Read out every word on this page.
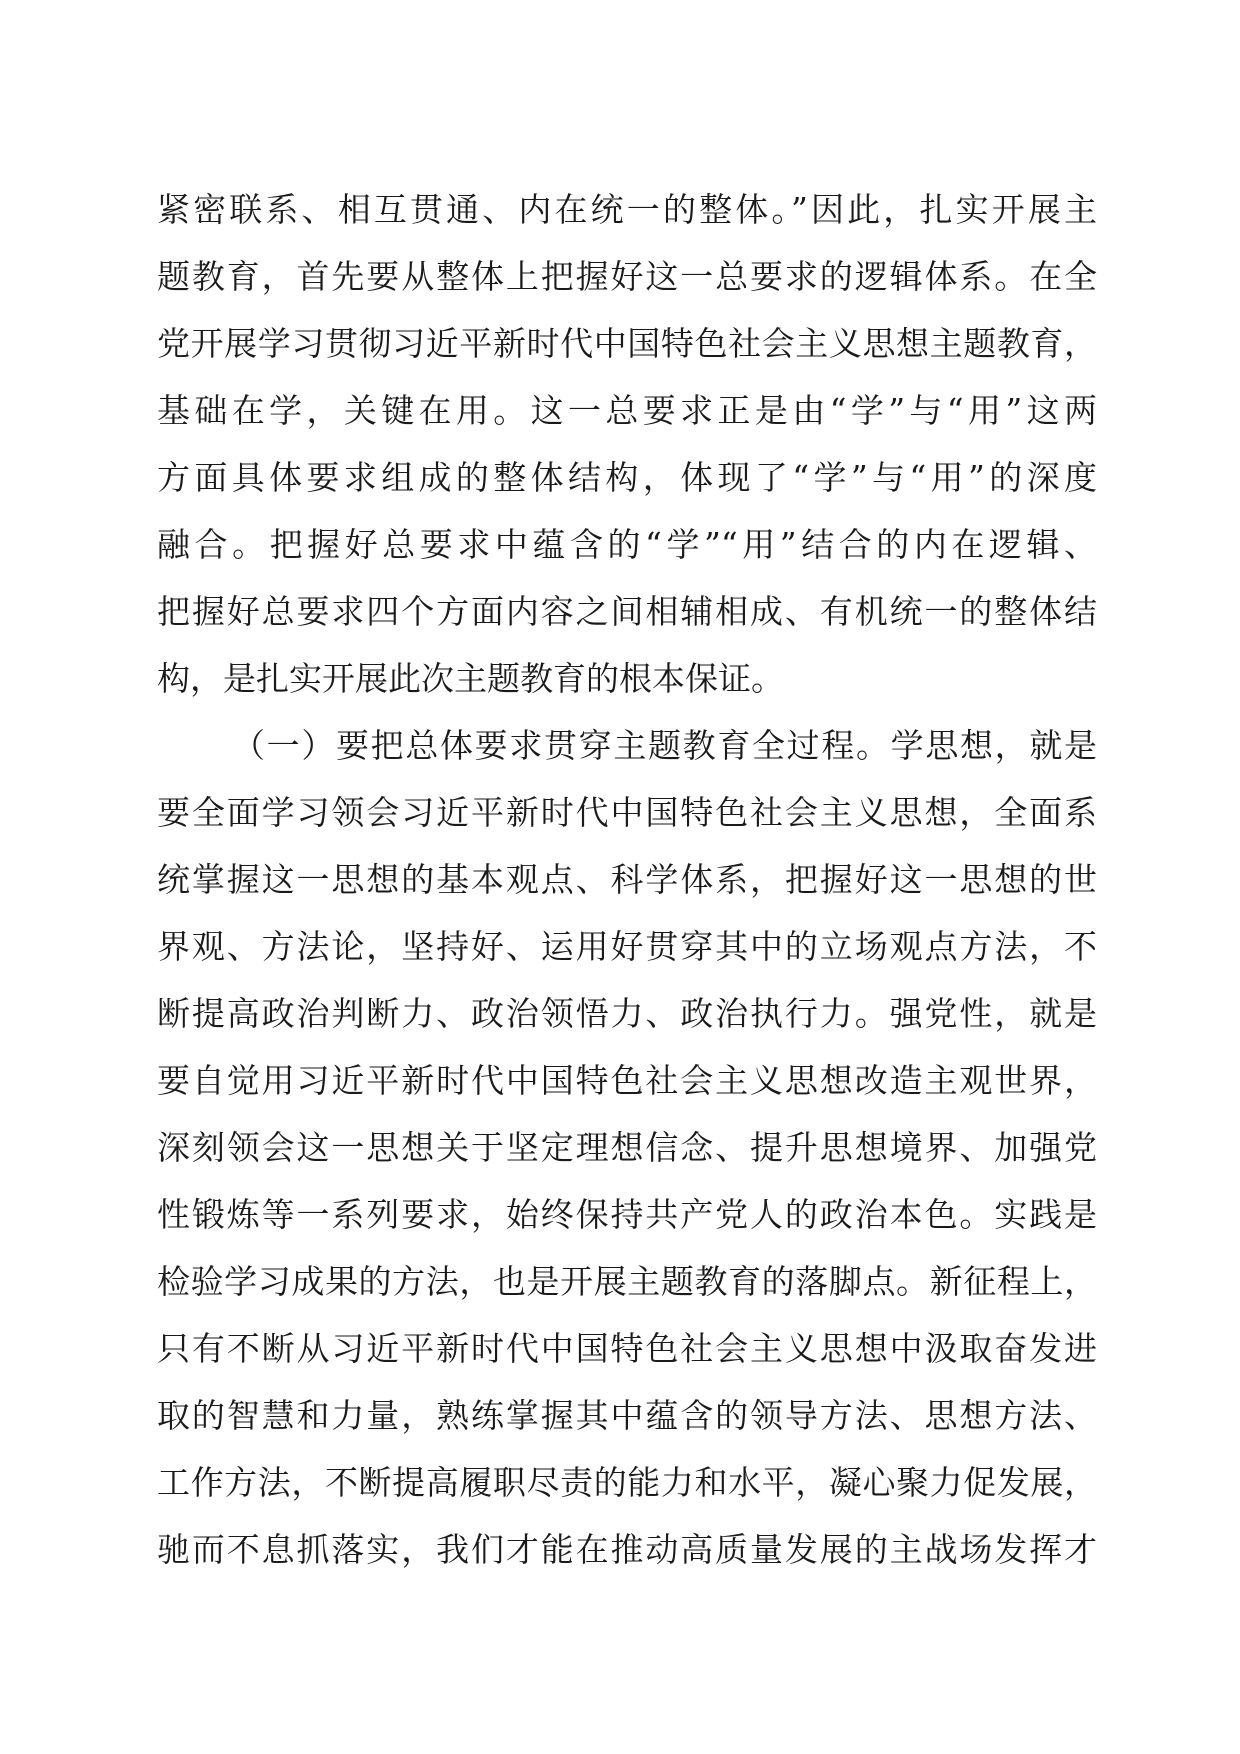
紧密联系、相互贯通、内在统一的整体。”因此，扎实开展主
题教育，首先要从整体上把握好这一总要求的逻辑体系。在全
党开展学习贯彻习近平新时代中国特色社会主义思想主题教育，
基础在学，关键在用。这一总要求正是由“学”与“用”这两
方面具体要求组成的整体结构，体现了“学”与“用”的深度
融合。把握好总要求中蕴含的“学”“用”结合的内在逻辑、
把握好总要求四个方面内容之间相辅相成、有机统一的整体结
构，是扎实开展此次主题教育的根本保证。
（一）要把总体要求贯穿主题教育全过程。学思想，就是
要全面学习领会习近平新时代中国特色社会主义思想，全面系
统掌握这一思想的基本观点、科学体系，把握好这一思想的世
界观、方法论，坚持好、运用好贯穿其中的立场观点方法，不
断提高政治判断力、政治领悟力、政治执行力。强党性，就是
要自觉用习近平新时代中国特色社会主义思想改造主观世界，
深刻领会这一思想关于坚定理想信念、提升思想境界、加强党
性锻炼等一系列要求，始终保持共产党人的政治本色。实践是
检验学习成果的方法，也是开展主题教育的落脚点。新征程上，
只有不断从习近平新时代中国特色社会主义思想中汲取奋发进
取的智慧和力量，熟练掌握其中蕴含的领导方法、思想方法、
工作方法，不断提高履职尽责的能力和水平，凝心聚力促发展，
驰而不息抓落实，我们才能在推动高质量发展的主战场发挥才
